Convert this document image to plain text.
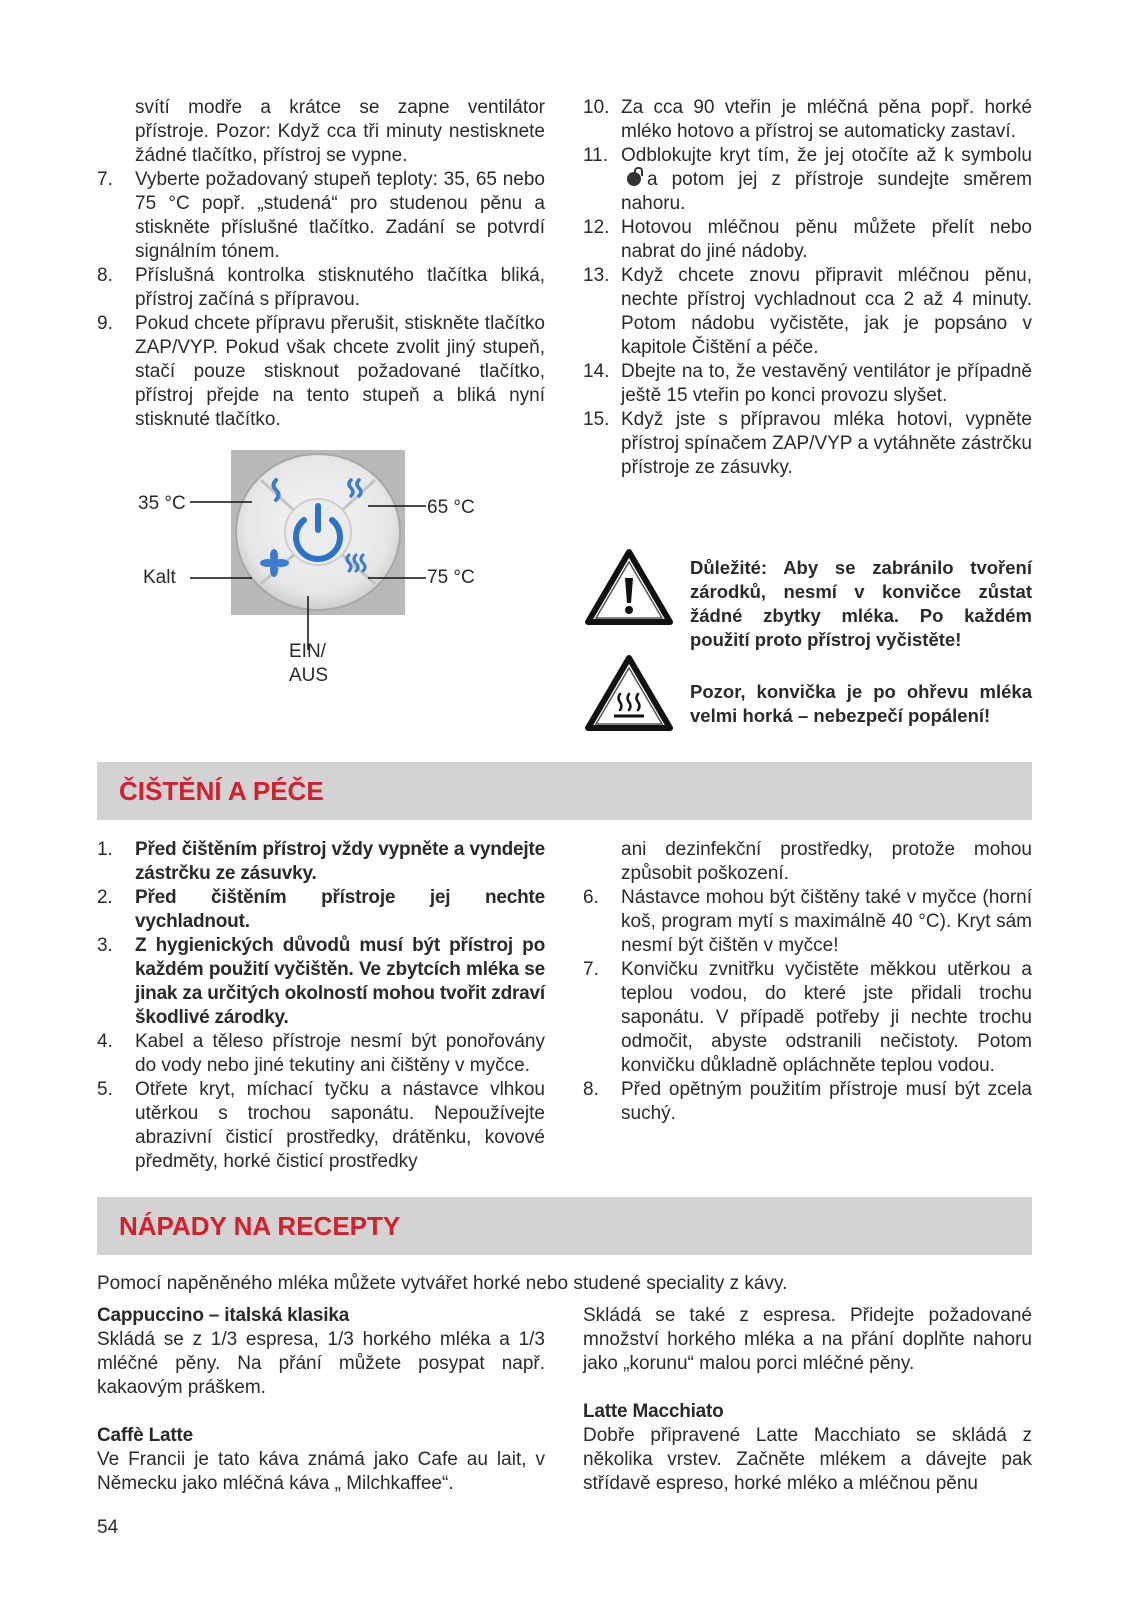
svítí modře a krátce se zapne ventilátor přístroje. Pozor: Když cca tři minuty nestisknete žádné tlačítko, přístroj se vypne.

7. Vyberte požadovaný stupeň teploty: 35, 65 nebo 75 °C popř. „studená“ pro studenou pěnu a stiskněte příslušné tlačítko. Zadání se potvrdí signálním tónem.
8. Příslušná kontrolka stisknutého tlačítka bliká, přístroj začíná s přípravou.
9. Pokud chcete přípravu přerušit, stiskněte tlačítko ZAP/VYP. Pokud však chcete zvolit jiný stupeň, stačí pouze stisknout požadované tlačítko, přístroj přejde na tento stupeň a bliká nyní stisknuté tlačítko.
35 °C	65 °C
Kalt	75 °C
EIN/
AUS
10. Za cca 90 vteřin je mléčná pěna popř. horké mléko hotovo a přístroj se automaticky zastaví.
11. Odblokujte kryt tím, že jej otočíte až k symbolua potom jej z přístroje sundejte směrem nahoru.
12. Hotovou mléčnou pěnu můžete přelít nebo nabrat do jiné nádoby.
13. Když chcete znovu připravit mléčnou pěnu, nechte přístroj vychladnout cca 2 až 4 minuty. Potom nádobu vyčistěte, jak je popsáno v kapitole Čištění a péče.
14. Dbejte na to, že vestavěný ventilátor je případně ještě 15 vteřin po konci provozu slyšet.
15. Když jste s přípravou mléka hotovi, vypněte přístroj spínačem ZAP/VYP a vytáhněte zástrčku přístroje ze zásuvky.
Důležité: Aby se zabránilo tvoření zárodků, nesmí v konvičce zůstat žádné zbytky mléka. Po každém použití proto přístroj vyčistěte!
Pozor, konvička je po ohřevu mléka velmi horká – nebezpečí popálení!
ČIŠTĚNÍ A PÉČE
1. Před čištěním přístroj vždy vypněte a vyndejte zástrčku ze zásuvky.
2. Před čištěním přístroje jej nechte vychladnout.
3. Z hygienických důvodů musí být přístroj po každém použití vyčištěn. Ve zbytcích mléka se jinak za určitých okolností mohou tvořit zdraví škodlivé zárodky.
4. Kabel a těleso přístroje nesmí být ponořovány do vody nebo jiné tekutiny ani čištěny v myčce.
5. Otřete kryt, míchací tyčku a nástavce vlhkou utěrkou s trochou saponátu. Nepoužívejte abrazivní čisticí prostředky, drátěnku, kovové předměty, horké čisticí prostředky

ani dezinfekční prostředky, protože mohou způsobit poškození.

6. Nástavce mohou být čištěny také v myčce (horní koš, program mytí s maximálně 40 °C). Kryt sám nesmí být čištěn v myčce!
7. Konvičku zvnitřku vyčistěte měkkou utěrkou a teplou vodou, do které jste přidali trochu saponátu. V případě potřeby ji nechte trochu odmočit, abyste odstranili nečistoty. Potom konvičku důkladně opláchněte teplou vodou.
8. Před opětným použitím přístroje musí být zcela suchý.
NÁPADY NA RECEPTY

Pomocí napěněného mléka můžete vytvářet horké nebo studené speciality z kávy.

Cappuccino – italská klasika

Skládá se z 1/3 espresa, 1/3 horkého mléka a 1/3 mléčné pěny. Na přání můžete posypat např. kakaovým práškem.

Caffè Latte

Ve Francii je tato káva známá jako Cafe au lait, v Německu jako mléčná káva „ Milchkaffee“.

Skládá se také z espresa. Přidejte požadované množství horkého mléka a na přání doplňte nahoru jako „korunu“ malou porci mléčné pěny.

Latte Macchiato

Dobře připravené Latte Macchiato se skládá z několika vrstev. Začněte mlékem a dávejte pak střídavě espreso, horké mléko a mléčnou pěnu

54
